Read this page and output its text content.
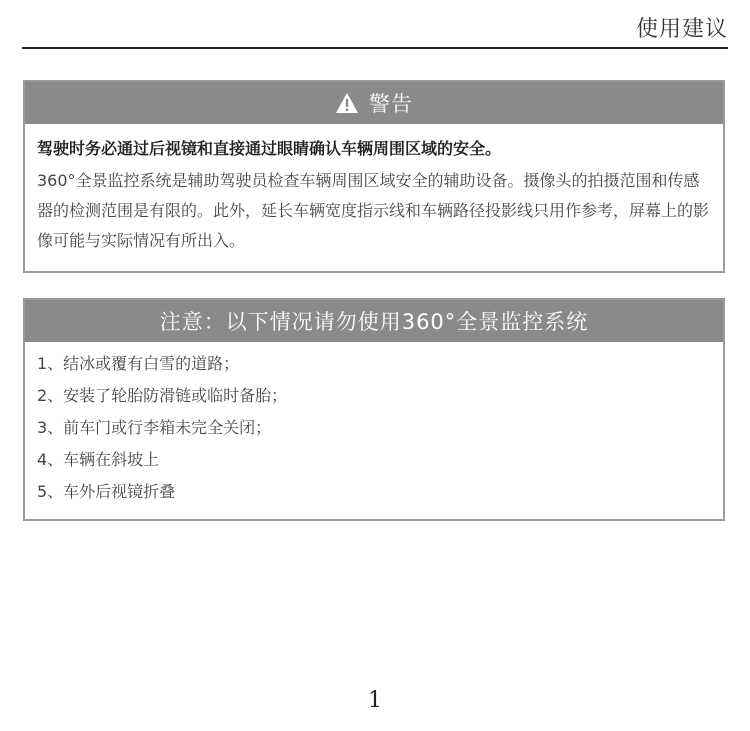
使用建议
警告
驾驶时务必通过后视镜和直接通过眼睛确认车辆周围区域的安全。
360°全景监控系统是辅助驾驶员检查车辆周围区域安全的辅助设备。摄像头的拍摄范围和传感器的检测范围是有限的。此外，延长车辆宽度指示线和车辆路径投影线只用作参考，屏幕上的影像可能与实际情况有所出入。
注意：以下情况请勿使用360°全景监控系统
1、结冰或覆有白雪的道路；
2、安装了轮胎防滑链或临时备胎；
3、前车门或行李箱未完全关闭；
4、车辆在斜坡上
5、车外后视镜折叠
1
